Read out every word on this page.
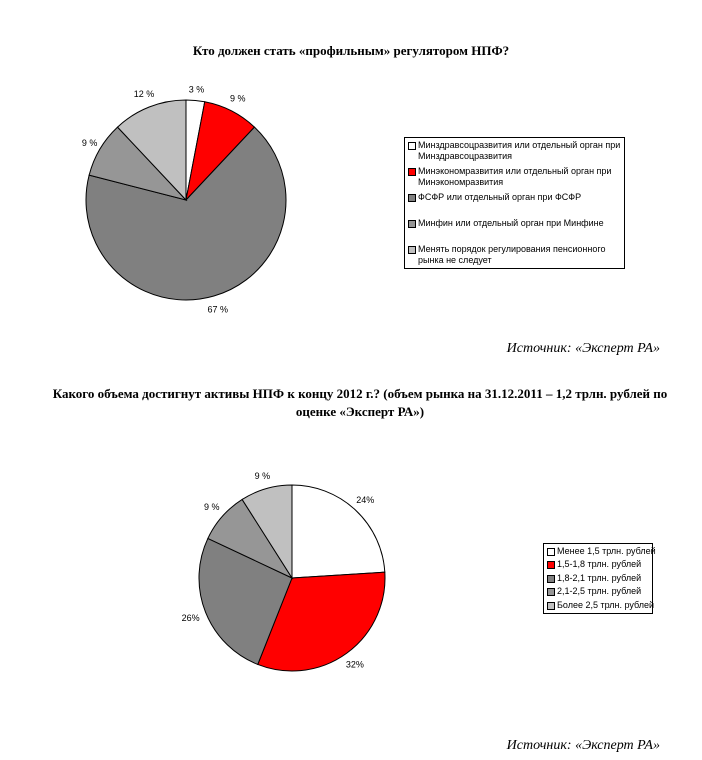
Кто должен стать «профильным» регулятором НПФ?
3 %
9 %
67 %
9 %
12 %
Минздравсоцразвития или отдельный орган при Минздравсоцразвития
Минэкономразвития или отдельный орган при Минэкономразвития
ФСФР или отдельный орган при ФСФР
Минфин или отдельный орган при Минфине
Менять порядок регулирования пенсионного рынка не следует
Источник: «Эксперт РА»
Какого объема достигнут активы НПФ к концу 2012 г.? (объем рынка на 31.12.2011 – 1,2 трлн. рублей по оценке «Эксперт РА»)
24%
32%
26%
9 %
9 %
Менее 1,5 трлн. рублей
1,5-1,8 трлн. рублей
1,8-2,1 трлн. рублей
2,1-2,5 трлн. рублей
Более 2,5 трлн. рублей
Источник: «Эксперт РА»
